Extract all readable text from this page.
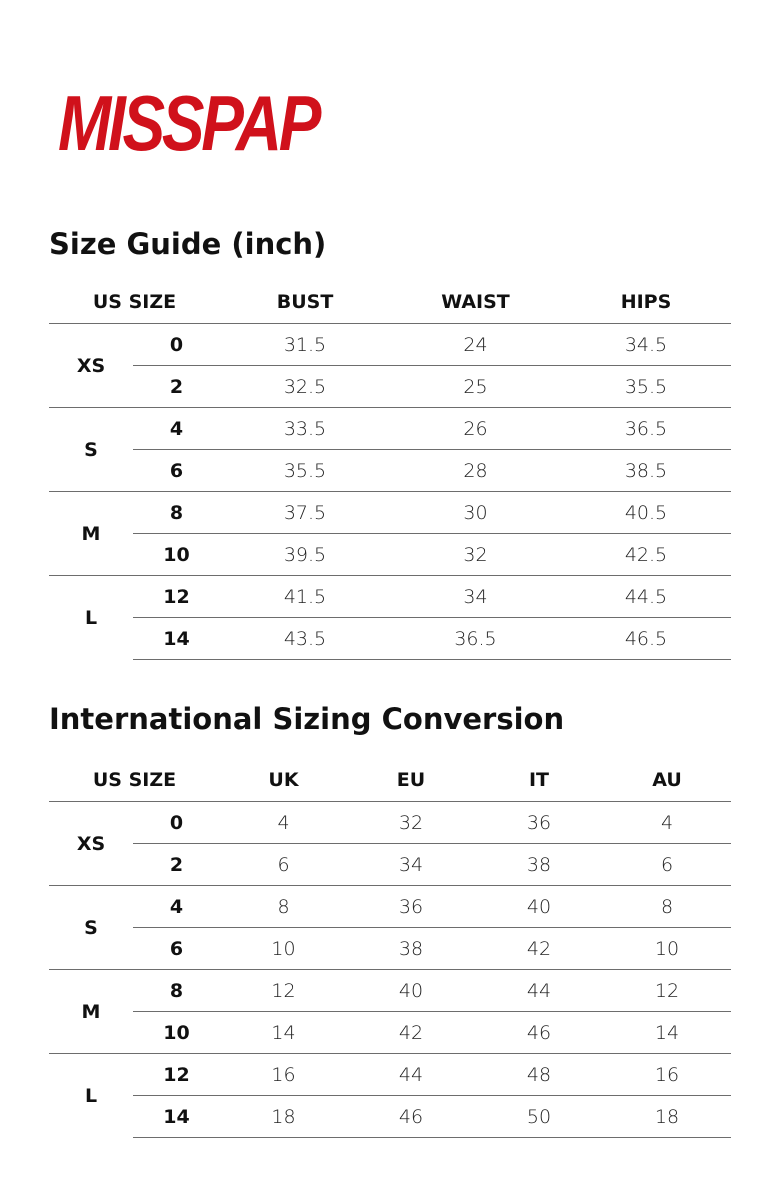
MISSPAP
Size Guide (inch)
US SIZE		BUST	WAIST	HIPS
XS	0	31.5	24	34.5
	2	32.5	25	35.5
S	4	33.5	26	36.5
	6	35.5	28	38.5
M	8	37.5	30	40.5
	10	39.5	32	42.5
L	12	41.5	34	44.5
	14	43.5	36.5	46.5
International Sizing Conversion
US SIZE		UK	EU	IT	AU
XS	0	4	32	36	4
	2	6	34	38	6
S	4	8	36	40	8
	6	10	38	42	10
M	8	12	40	44	12
	10	14	42	46	14
L	12	16	44	48	16
	14	18	46	50	18
